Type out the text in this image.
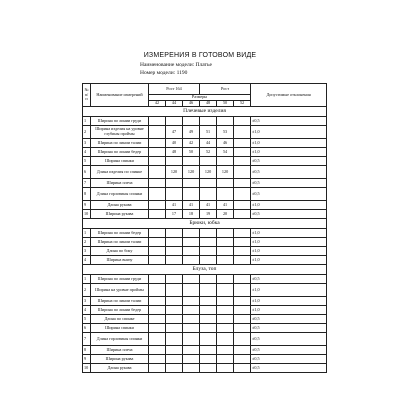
ИЗМЕРЕНИЯ В ГОТОВОМ ВИДЕ
Наименование модели: Платье
Номер модели: 1190
№ п/п	Наименование измерений	Рост 164			Рост			Допустимые отклонения
		Размеры						
		42	44	46	48	50	52	
Плечевые изделия								
1	Ширина по линии груди							±0,5
2	Ширина изделия на уровне глубины проймы		47	49	51	53		±1,0
3	Ширина по линии талии		40	42	44	46		±1,0
4	Ширина по линии бедер		48	50	52	54		±1,0
5	Ширина спинки							±0,5
6	Длина изделия по спинке		120	120	120	120		±0,5
7	Ширина плеча							±0,5
8	Длина горловины спинки							±0,5
9	Длина рукава		41	41	41	41		±1,0
10	Ширина рукава		17	18	19	20		±0,5
Брюки, юбка								
1	Ширина по линии бедер							±1,0
2	Ширина по линии талии							±1,0
3	Длина по боку							±1,0
4	Ширина внизу							±1,0
Блуза, топ								
1	Ширина по линии груди							±0,5
2	Ширина на уровне проймы							±1,0
3	Ширина по линии талии							±1,0
4	Ширина по линии бедер							±1,0
5	Длина по спинке							±0,5
6	Ширина спинки							±0,5
7	Длина горловины спинки							±0,5
8	Ширина плеча							±0,5
9	Ширина рукава							±0,5
10	Длина рукава							±0,5
